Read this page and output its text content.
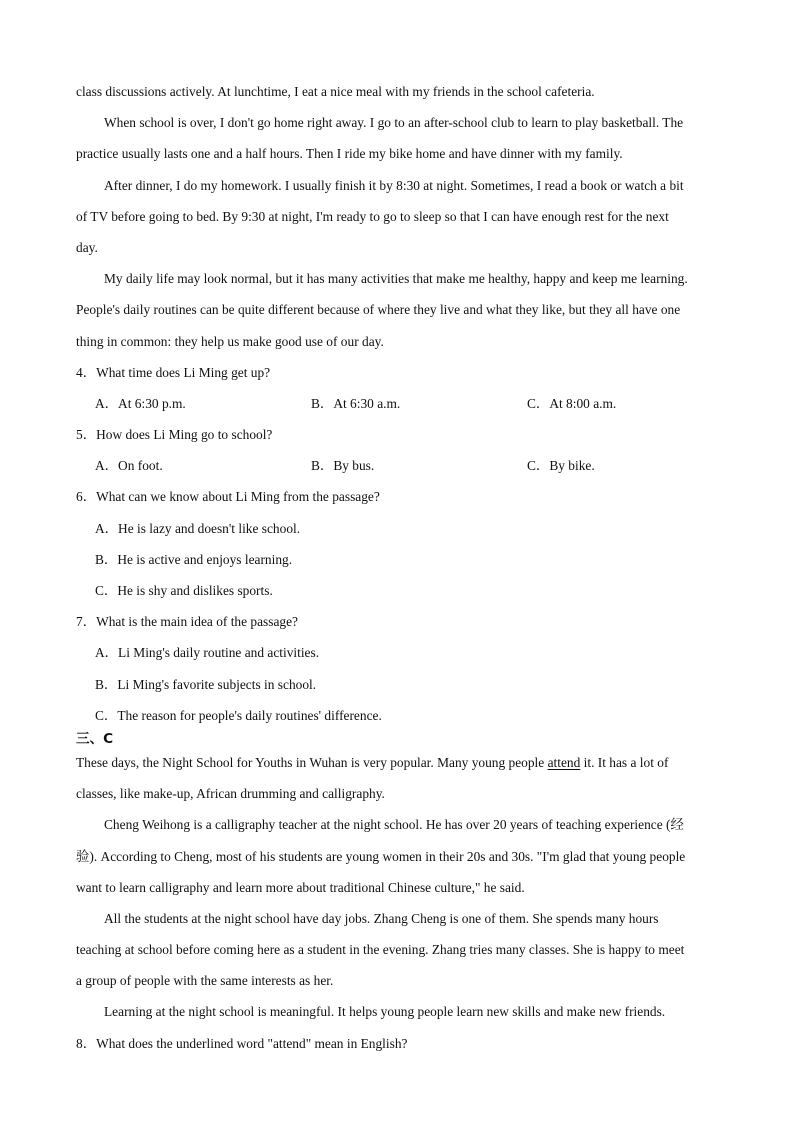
class discussions actively. At lunchtime, I eat a nice meal with my friends in the school cafeteria.
When school is over, I don't go home right away. I go to an after-school club to learn to play basketball. The
practice usually lasts one and a half hours. Then I ride my bike home and have dinner with my family.
After dinner, I do my homework. I usually finish it by 8:30 at night. Sometimes, I read a book or watch a bit
of TV before going to bed. By 9:30 at night, I'm ready to go to sleep so that I can have enough rest for the next
day.
My daily life may look normal, but it has many activities that make me healthy, happy and keep me learning.
People's daily routines can be quite different because of where they live and what they like, but they all have one
thing in common: they help us make good use of our day.
4．What time does Li Ming get up?
A．At 6:30 p.m.	B．At 6:30 a.m.	C．At 8:00 a.m.
5．How does Li Ming go to school?
A．On foot.	B．By bus.	C．By bike.
6．What can we know about Li Ming from the passage?
A．He is lazy and doesn't like school.
B．He is active and enjoys learning.
C．He is shy and dislikes sports.
7．What is the main idea of the passage?
A．Li Ming's daily routine and activities.
B．Li Ming's favorite subjects in school.
C．The reason for people's daily routines' difference.
三、C
These days, the Night School for Youths in Wuhan is very popular. Many young people attend it. It has a lot of
classes, like make-up, African drumming and calligraphy.
Cheng Weihong is a calligraphy teacher at the night school. He has over 20 years of teaching experience (经
验). According to Cheng, most of his students are young women in their 20s and 30s. "I'm glad that young people
want to learn calligraphy and learn more about traditional Chinese culture," he said.
All the students at the night school have day jobs. Zhang Cheng is one of them. She spends many hours
teaching at school before coming here as a student in the evening. Zhang tries many classes. She is happy to meet
a group of people with the same interests as her.
Learning at the night school is meaningful. It helps young people learn new skills and make new friends.
8．What does the underlined word "attend" mean in English?
